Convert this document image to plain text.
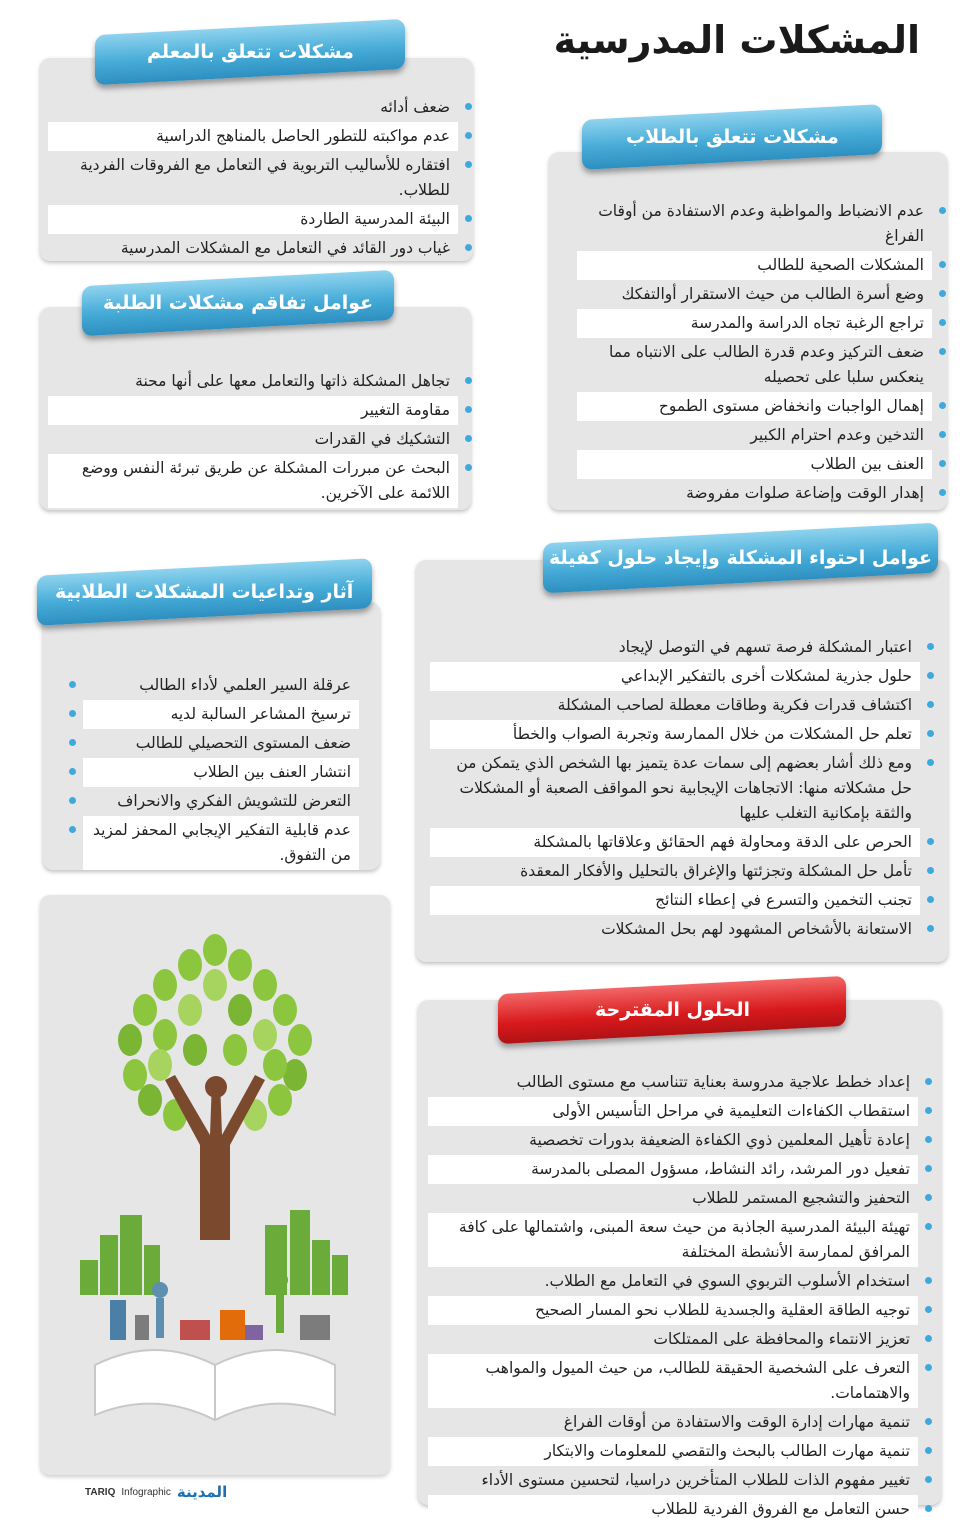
المشكلات المدرسية
مشكلات تتعلق بالمعلم
ضعف أدائه
عدم مواكبته للتطور الحاصل بالمناهج الدراسية
افتقاره للأساليب التربوية في التعامل مع الفروقات الفردية للطلاب.
البيئة المدرسية الطاردة
غياب دور القائد في التعامل مع المشكلات المدرسية
مشكلات تتعلق بالطلاب
عدم الانضباط والمواظبة وعدم الاستفادة من أوقات الفراغ
المشكلات الصحية للطالب
وضع أسرة الطالب من حيث الاستقرار أوالتفكك
تراجع الرغبة تجاه الدراسة والمدرسة
ضعف التركيز وعدم قدرة الطالب على الانتباه مما ينعكس سلبا على تحصيله
إهمال الواجبات وانخفاض مستوى الطموح
التدخين وعدم احترام الكبير
العنف بين الطلاب
إهدار الوقت وإضاعة صلوات مفروضة
عوامل تفاقم مشكلات الطلبة
تجاهل المشكلة ذاتها والتعامل معها على أنها محنة
مقاومة التغيير
التشكيك في القدرات
البحث عن مبررات المشكلة عن طريق تبرئة النفس ووضع اللائمة على الآخرين.
عوامل احتواء المشكلة وإيجاد حلول كفيلة
اعتبار المشكلة فرصة تسهم في التوصل لإيجاد
حلول جذرية لمشكلات أخرى بالتفكير الإبداعي
اكتشاف قدرات فكرية وطاقات معطلة لصاحب المشكلة
تعلم حل المشكلات من خلال الممارسة وتجربة الصواب والخطأ
ومع ذلك أشار بعضهم إلى سمات عدة يتميز بها الشخص الذي يتمكن من حل مشكلاته منها: الاتجاهات الإيجابية نحو المواقف الصعبة أو المشكلات والثقة بإمكانية التغلب عليها
الحرص على الدقة ومحاولة فهم الحقائق وعلاقاتها بالمشكلة
تأمل حل المشكلة وتجزئتها والإغراق بالتحليل والأفكار المعقدة
تجنب التخمين والتسرع في إعطاء النتائج
الاستعانة بالأشخاص المشهود لهم بحل المشكلات
آثار وتداعيات المشكلات الطلابية
عرقلة السير العلمي لأداء الطالب
ترسيخ المشاعر السالبة لديه
ضعف المستوى التحصيلي للطالب
انتشار العنف بين الطلاب
التعرض للتشويش الفكري والانحراف
عدم قابلية التفكير الإيجابي المحفز لمزيد من التفوق.
الحلول المقترحة
إعداد خطط علاجية مدروسة بعناية تتناسب مع مستوى الطالب
استقطاب الكفاءات التعليمية في مراحل التأسيس الأولى
إعادة تأهيل المعلمين ذوي الكفاءة الضعيفة بدورات تخصصية
تفعيل دور المرشد، رائد النشاط، مسؤول المصلى بالمدرسة
التحفيز والتشجيع المستمر للطلاب
تهيئة البيئة المدرسية الجاذبة من حيث سعة المبنى، واشتمالها على كافة المرافق لممارسة الأنشطة المختلفة
استخدام الأسلوب التربوي السوي في التعامل مع الطلاب.
توجيه الطاقة العقلية والجسدية للطلاب نحو المسار الصحيح
تعزيز الانتماء والمحافظة على الممتلكات
التعرف على الشخصية الحقيقة للطالب، من حيث الميول والمواهب والاهتمامات.
تنمية مهارات إدارة الوقت والاستفادة من أوقات الفراغ
تنمية مهارت الطالب بالبحث والتقصي للمعلومات والابتكار
تغيير مفهوم الذات للطلاب المتأخرين دراسيا، لتحسين مستوى الأداء
حسن التعامل مع الفروق الفردية للطلاب
TARIQ Infographic المدينة
